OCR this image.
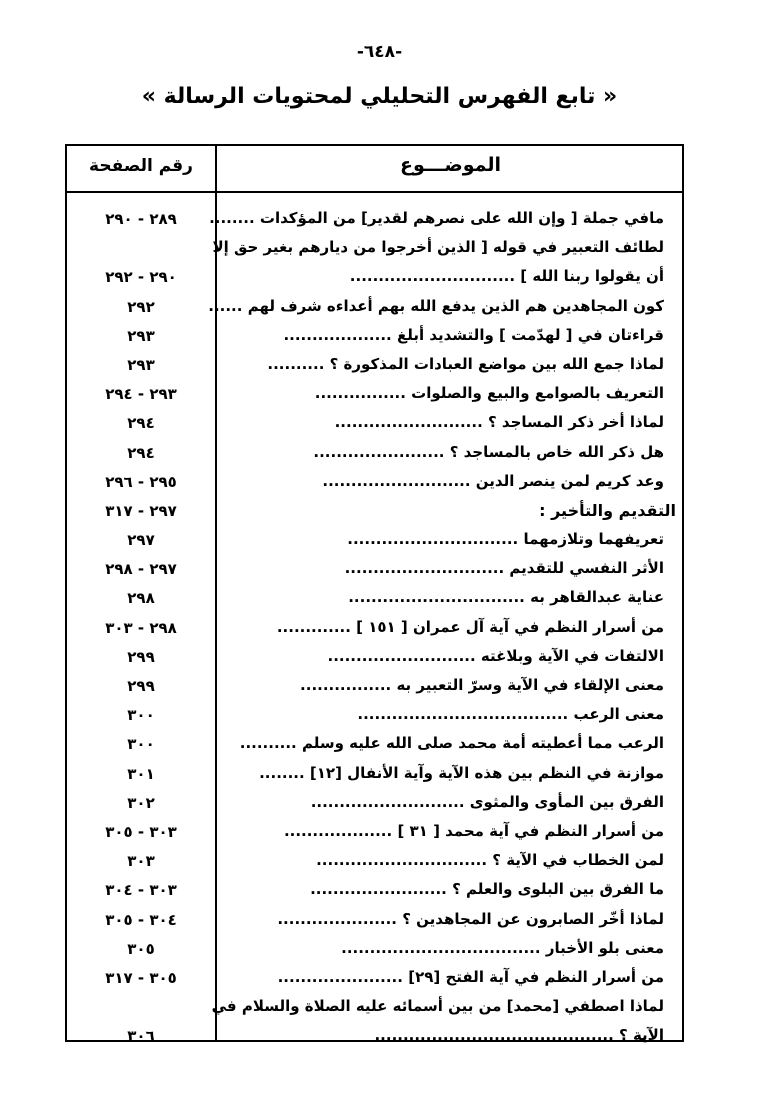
-٦٤٨-
« تابع الفهرس التحليلي لمحتويات الرسالة »
الموضـــوع
رقم الصفحة
مافي جملة [ وإن الله على نصرهم لقدير] من المؤكدات ........
٢٨٩ - ٢٩٠
لطائف التعبير في قوله [ الذين أخرجوا من ديارهم بغير حق إلا
أن يقولوا ربنا الله ] .............................
٢٩٠ - ٢٩٢
كون المجاهدين هم الذين يدفع الله بهم أعداءه شرف لهم ......
٢٩٢
قراءتان في [ لهدّمت ] والتشديد أبلغ ...................
٢٩٣
لماذا جمع الله بين مواضع العبادات المذكورة ؟ ..........
٢٩٣
التعريف بالصوامع والبيع والصلوات ................
٢٩٣ - ٢٩٤
لماذا أخر ذكر المساجد ؟ ..........................
٢٩٤
هل ذكر الله خاص بالمساجد ؟ .......................
٢٩٤
وعد كريم لمن ينصر الدين ..........................
٢٩٥ - ٢٩٦
التقديم والتأخير :
٢٩٧ - ٣١٧
تعريفهما وتلازمهما ..............................
٢٩٧
الأثر النفسي للتقديم ............................
٢٩٧ - ٢٩٨
عناية عبدالقاهر به ...............................
٢٩٨
من أسرار النظم في آية آل عمران [ ١٥١ ] .............
٢٩٨ - ٣٠٣
الالتفات في الآية وبلاغته ..........................
٢٩٩
معنى الإلقاء في الآية وسرّ التعبير به ................
٢٩٩
معنى الرعب .....................................
٣٠٠
الرعب مما أعطيته أمة محمد صلى الله عليه وسلم ..........
٣٠٠
موازنة في النظم بين هذه الآية وآية الأنفال [١٢] ........
٣٠١
الفرق بين المأوى والمثوى ...........................
٣٠٢
من أسرار النظم في آية محمد [ ٣١ ] ...................
٣٠٣ - ٣٠٥
لمن الخطاب في الآية ؟ ..............................
٣٠٣
ما الفرق بين البلوى والعلم ؟ ........................
٣٠٣ - ٣٠٤
لماذا أخّر الصابرون عن المجاهدين ؟ .....................
٣٠٤ - ٣٠٥
معنى بلو الأخبار ...................................
٣٠٥
من أسرار النظم في آية الفتح [٢٩] ......................
٣٠٥ - ٣١٧
لماذا اصطفي [محمد] من بين أسمائه عليه الصلاة والسلام في
الآية ؟ ..........................................
٣٠٦
